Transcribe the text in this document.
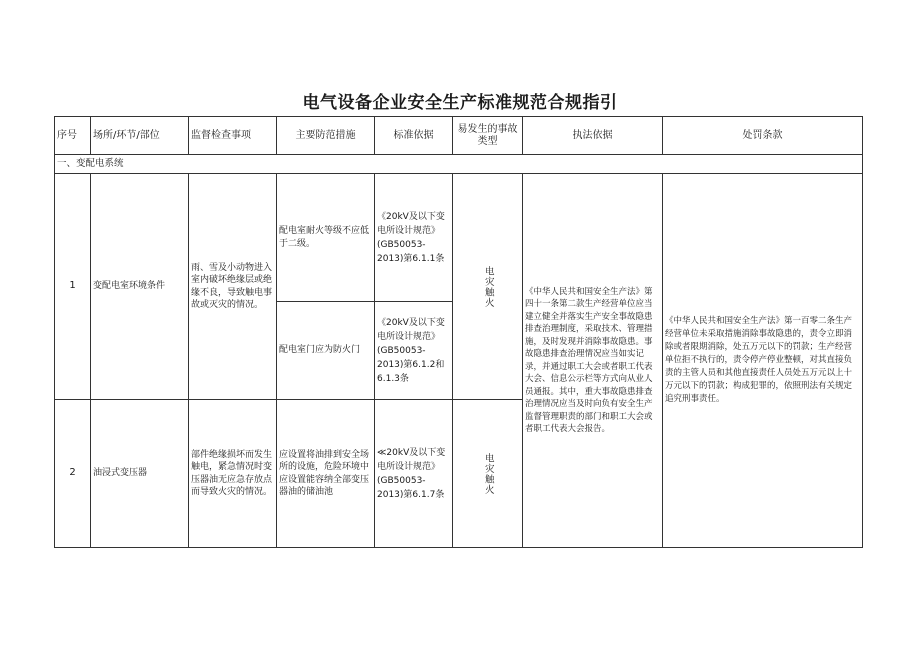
电气设备企业安全生产标准规范合规指引
序号	场所/环节/部位	监督检查事项	主要防范措施	标准依据	易发生的事故类型	执法依据	处罚条款
一、变配电系统							
1	变配电室环境条件	雨、雪及小动物进入室内破坏绝缘层或绝缘不良，导致触电事故或灭灾的情况。	配电室耐火等级不应低于二级。	《20kV及以下变电所设计规范》(GB50053-2013)第6.1.1条	电灾触火	《中华人民共和国安全生产法》第四十一条第二款生产经营单位应当建立健全并落实生产安全事故隐患排查治理制度，采取技术、管理措施，及时发现并消除事故隐患。事故隐患排查治理情况应当如实记录，并通过职工大会或者职工代表大会、信息公示栏等方式向从业人员通报。其中，重大事故隐患排查治理情况应当及时向负有安全生产监督管理职责的部门和职工大会或者职工代表大会报告。	《中华人民共和国安全生产法》第一百零二条生产经营单位未采取措施消除事故隐患的，责令立即消除或者限期消除，处五万元以下的罚款；生产经营单位拒不执行的，责令停产停业整顿，对其直接负责的主管人员和其他直接责任人员处五万元以上十万元以下的罚款；构成犯罪的，依照刑法有关规定追究刑事责任。
			配电室门应为防火门	《20kV及以下变电所设计规范》(GB50053-2013)第6.1.2和6.1.3条			
2	油浸式变压器	部件绝缘损坏而发生触电，紧急情况时变压器油无应急存放点而导致火灾的情况。	应设置将油排到安全场所的设施，危险环境中应设置能容纳全部变压器油的储油池	≪20kV及以下变电所设计规范》(GB50053-2013)第6.1.7条	电灾触火		
